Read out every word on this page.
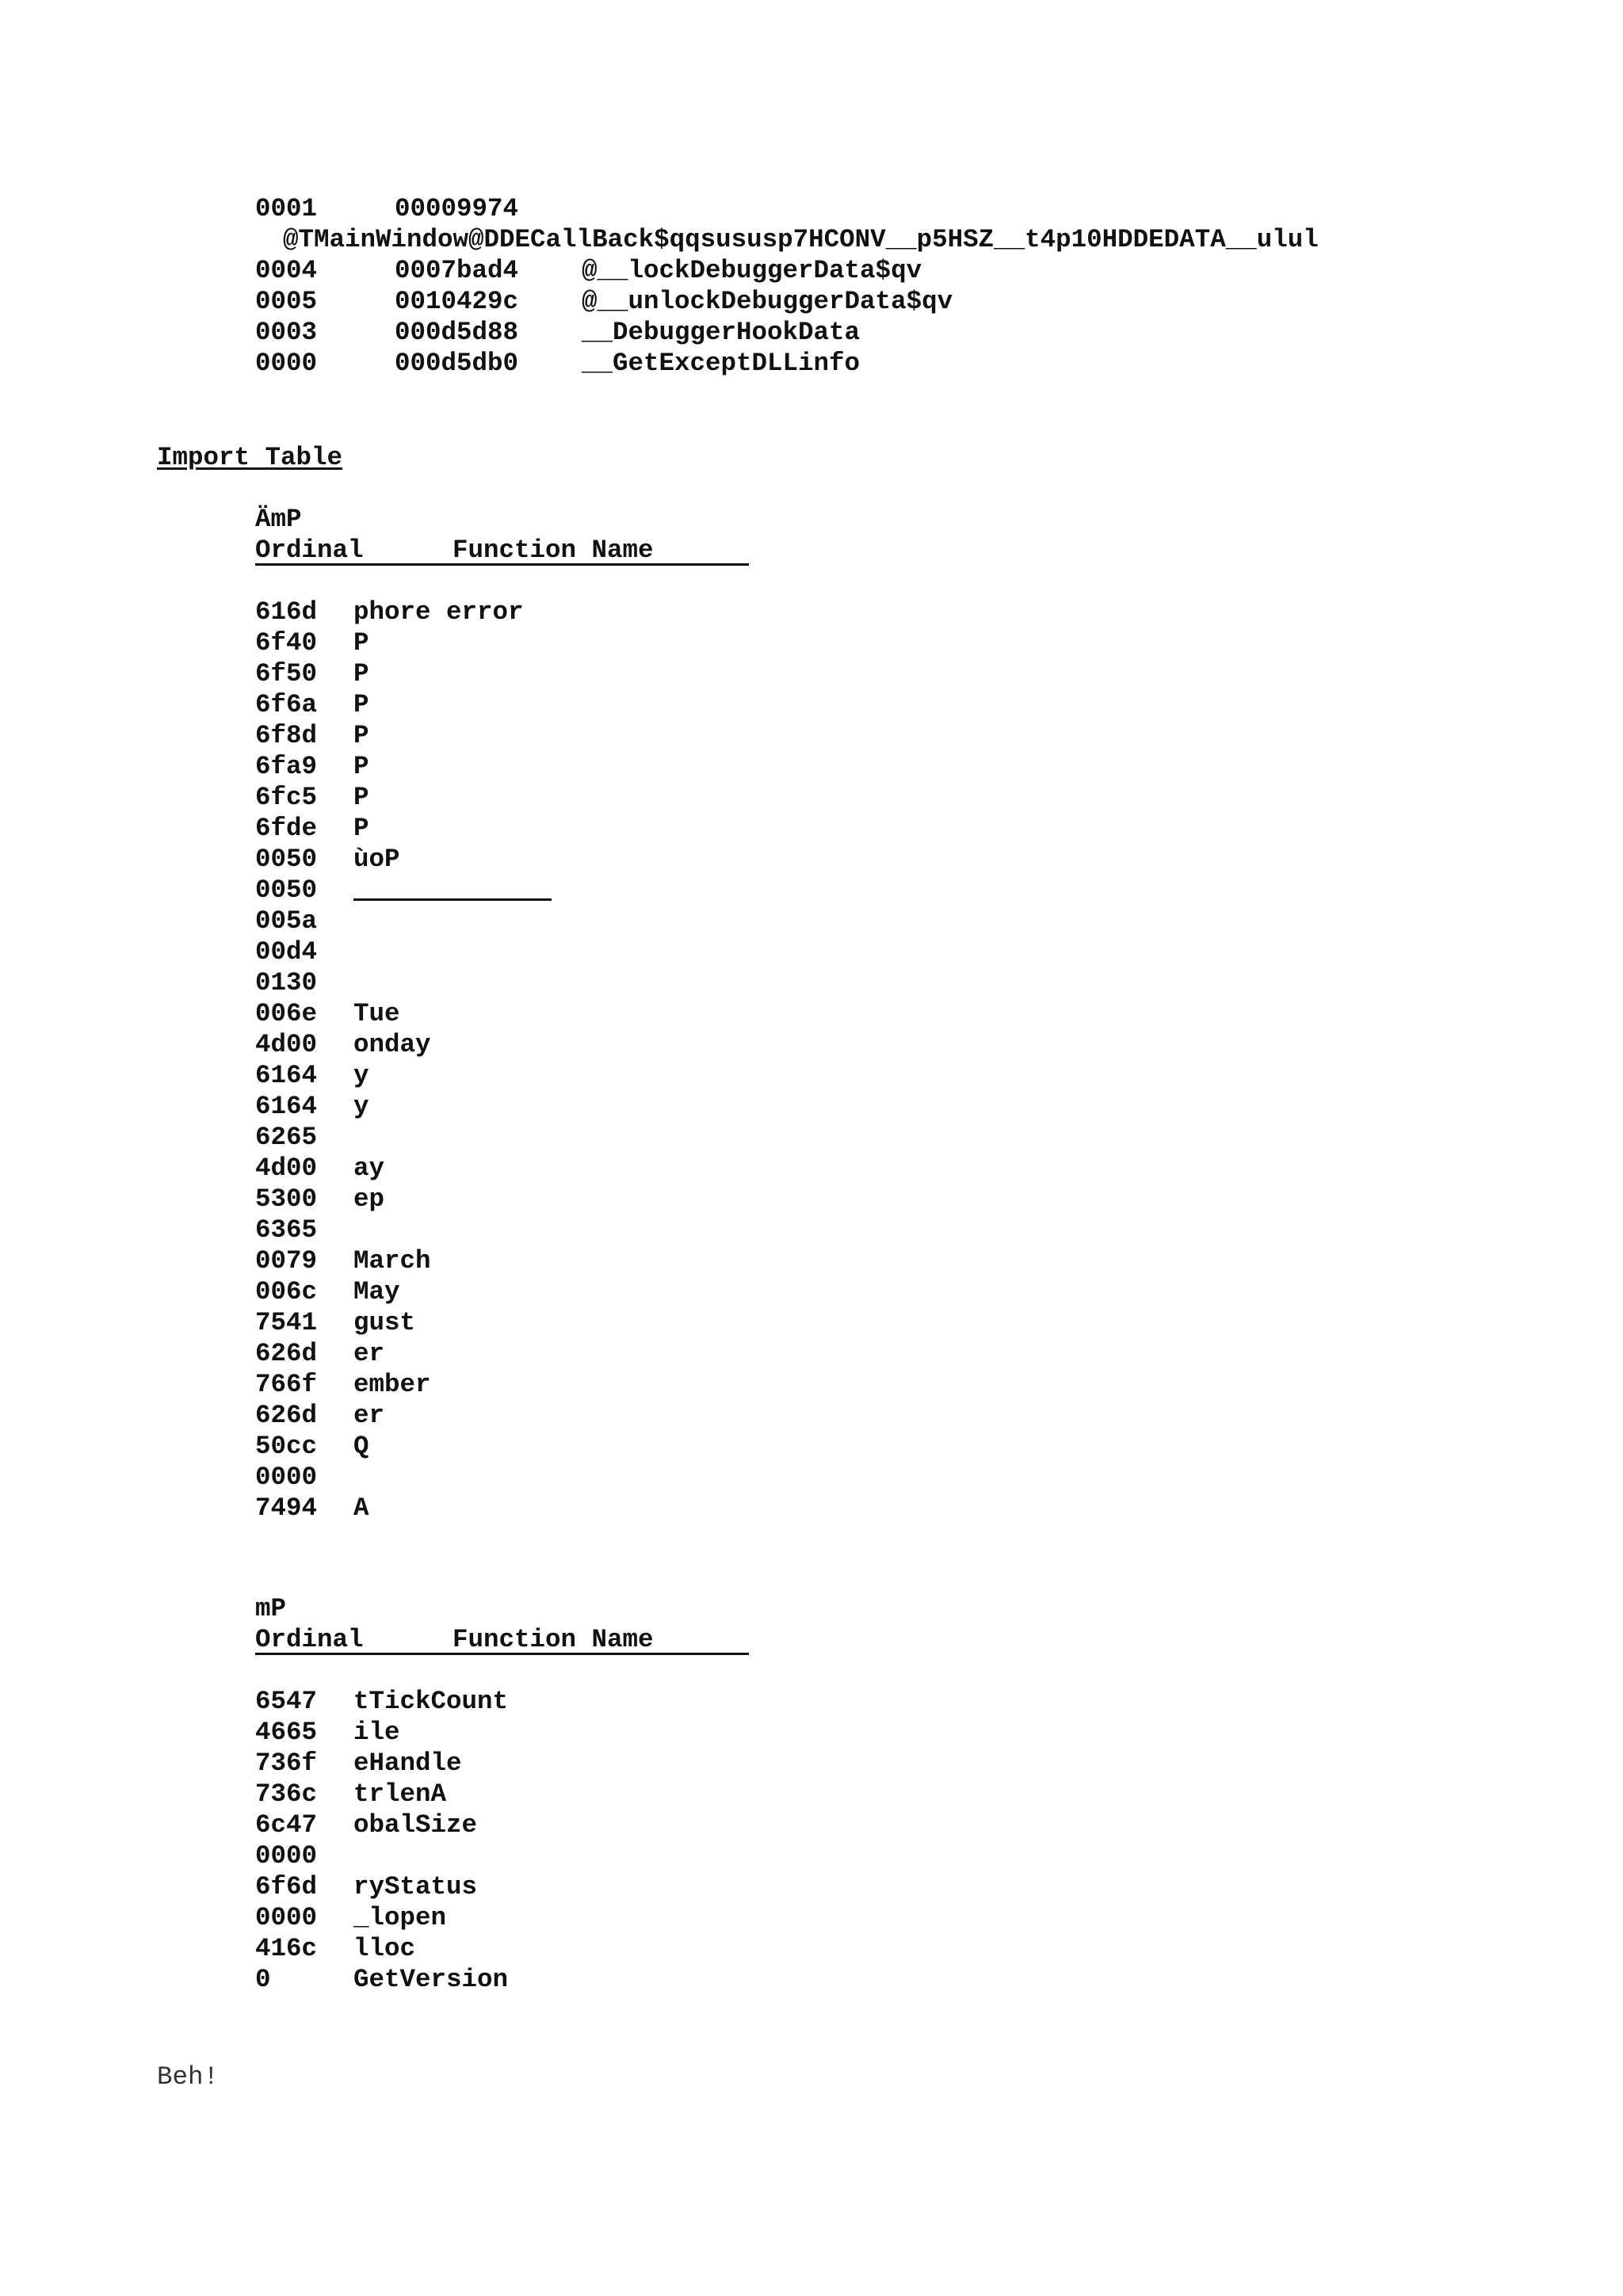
0001	00009974
@TMainWindow@DDECallBack$qqsususp7HCONV__p5HSZ__t4p10HDDEDATA__ulul
0004	0007bad4 @__lockDebuggerData$qv
0005	0010429c @__unlockDebuggerData$qv
0003	000d5d88 __DebuggerHookData
0000	000d5db0 __GetExceptDLLinfo
Import Table
ÄmP
Ordinal	Function Name
616d phore error
6f40 P
6f50 P
6f6a P
6f8d P
6fa9 P
6fc5 P
6fde P
0050 ùoP
0050
005a
00d4
0130
006e Tue
4d00 onday
6164 y
6164 y
6265
4d00 ay
5300 ep
6365
0079 March
006c May
7541 gust
626d er
766f ember
626d er
50cc Q
0000
7494 A
mP
Ordinal	Function Name
6547 tTickCount
4665 ile
736f eHandle
736c trlenA
6c47 obalSize
0000
6f6d ryStatus
0000 _lopen
416c lloc
0	GetVersion
Beh!
